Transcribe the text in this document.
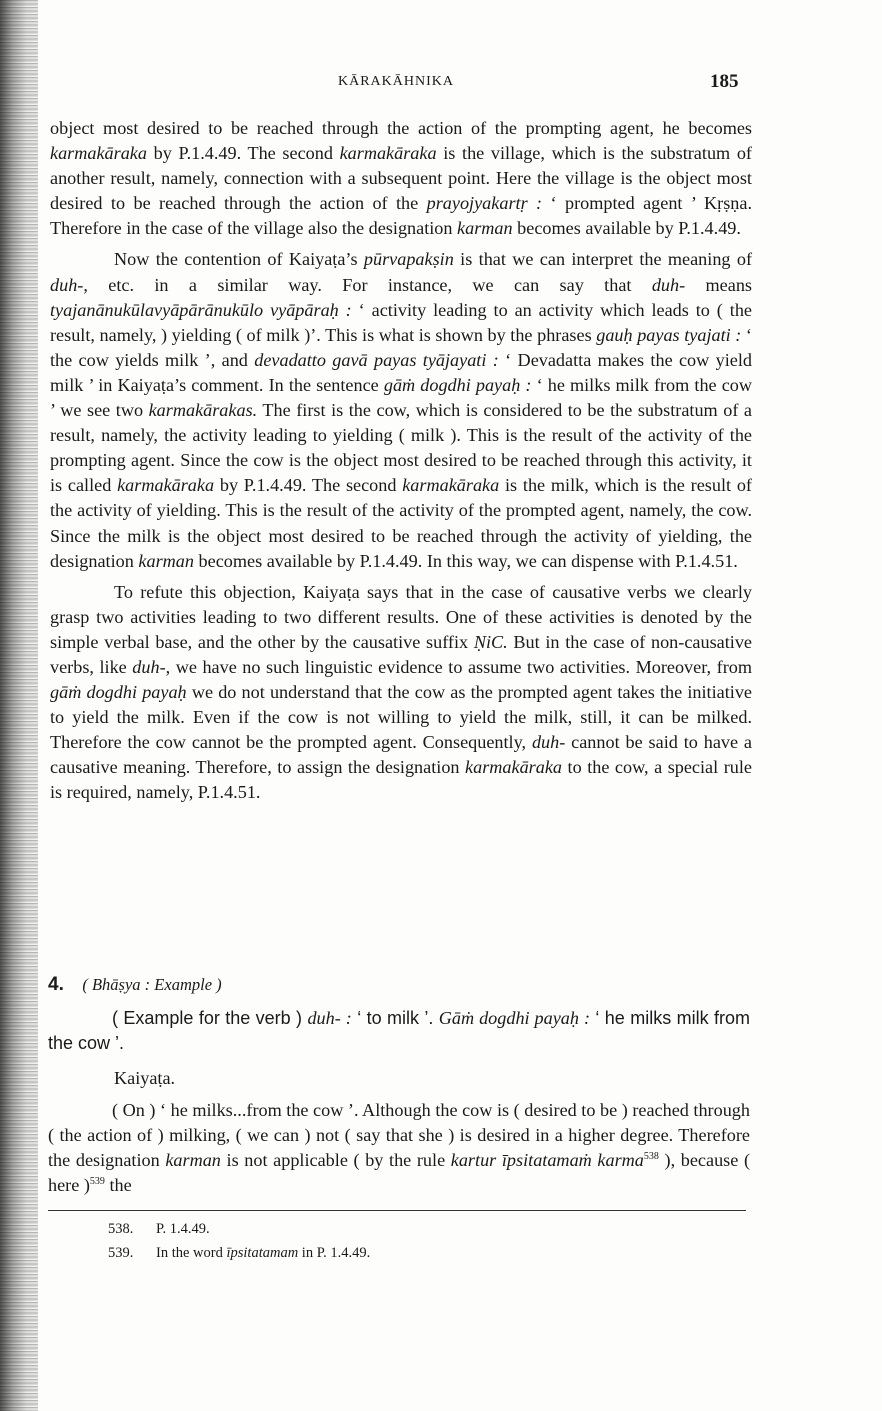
KĀRAKĀHNIKA	185

object most desired to be reached through the action of the prompting agent, he becomes karmakāraka by P.1.4.49. The second karmakāraka is the village, which is the substratum of another result, namely, connection with a subsequent point. Here the village is the object most desired to be reached through the action of the prayojyakartṛ : ‘ prompted agent ’ Kṛṣṇa. Therefore in the case of the village also the designation karman becomes available by P.1.4.49.

Now the contention of Kaiyaṭa’s pūrvapakṣin is that we can interpret the meaning of duh-, etc. in a similar way. For instance, we can say that duh- means tyajanānukūlavyāpārānukūlo vyāpāraḥ : ‘ activity leading to an activity which leads to ( the result, namely, ) yielding ( of milk )’. This is what is shown by the phrases gauḥ payas tyajati : ‘ the cow yields milk ’, and devadatto gavā payas tyājayati : ‘ Devadatta makes the cow yield milk ’ in Kaiyaṭa’s comment. In the sentence gāṁ dogdhi payaḥ : ‘ he milks milk from the cow ’ we see two karmakārakas. The first is the cow, which is considered to be the substratum of a result, namely, the activity leading to yielding ( milk ). This is the result of the activity of the prompting agent. Since the cow is the object most desired to be reached through this activity, it is called karmakāraka by P.1.4.49. The second karmakāraka is the milk, which is the result of the activity of yielding. This is the result of the activity of the prompted agent, namely, the cow. Since the milk is the object most desired to be reached through the activity of yielding, the designation karman becomes available by P.1.4.49. In this way, we can dispense with P.1.4.51.

To refute this objection, Kaiyaṭa says that in the case of causative verbs we clearly grasp two activities leading to two different results. One of these activities is denoted by the simple verbal base, and the other by the causative suffix ṆiC. But in the case of non-causative verbs, like duh-, we have no such linguistic evidence to assume two activities. Moreover, from gāṁ dogdhi payaḥ we do not understand that the cow as the prompted agent takes the initiative to yield the milk. Even if the cow is not willing to yield the milk, still, it can be milked. Therefore the cow cannot be the prompted agent. Consequently, duh- cannot be said to have a causative meaning. Therefore, to assign the designation karmakāraka to the cow, a special rule is required, namely, P.1.4.51.

4. ( Bhāṣya : Example )

( Example for the verb ) duh- : ‘ to milk ’. Gāṁ dogdhi payaḥ : ‘ he milks milk from the cow ’.

Kaiyaṭa.

( On ) ‘ he milks...from the cow ’. Although the cow is ( desired to be ) reached through ( the action of ) milking, ( we can ) not ( say that she ) is desired in a higher degree. Therefore the designation karman is not applicable ( by the rule kartur īpsitatamaṁ karma$^{538}$ ), because ( here )$^{539}$ the

538. P. 1.4.49.

539. In the word īpsitatamam in P. 1.4.49.
